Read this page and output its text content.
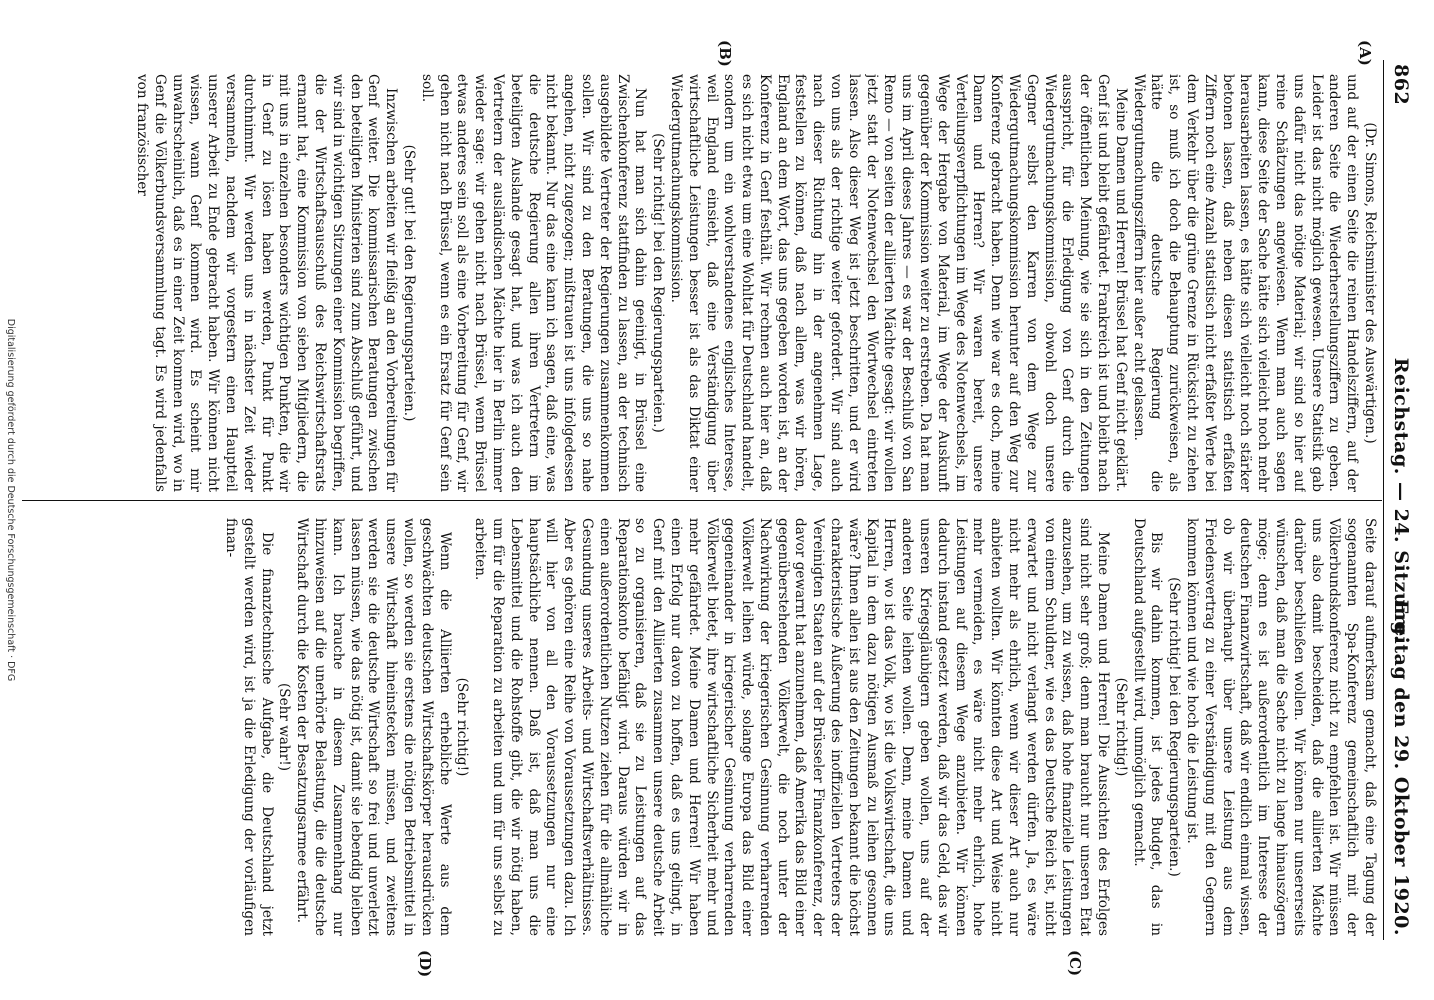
862
Reichstag. — 24. Sitzung.
Freitag den 29. Oktober 1920.
(A)
(B)
(C)
(D)

(Dr. Simons, Reichsminister des Auswärtigen.)

und auf der einen Seite die reinen Handelsziffern, auf der anderen Seite die Wiederherstellungsziffern zu geben. Leider ist das nicht möglich gewesen. Unsere Statistik gab uns dafür nicht das nötige Material; wir sind so hier auf reine Schätzungen angewiesen. Wenn man auch sagen kann, diese Seite der Sache hätte sich vielleicht noch mehr herausarbeiten lassen, es hätte sich vielleicht noch stärker betonen lassen, daß neben diesen statistisch erfaßten Ziffern noch eine Anzahl statistisch nicht erfaßter Werte bei dem Verkehr über die grüne Grenze in Rücksicht zu ziehen ist, so muß ich doch die Behauptung zurückweisen, als hätte die deutsche Regierung die Wiedergutmachungsziffern hier außer acht gelassen.

Meine Damen und Herren! Brüssel hat Genf nicht geklärt. Genf ist und bleibt gefährdet. Frankreich ist und bleibt nach der öffentlichen Meinung, wie sie sich in den Zeitungen ausspricht, für die Erledigung von Genf durch die Wiedergutmachungskommission, obwohl doch unsere Gegner selbst den Karren von dem Wege zur Wiedergutmachungskommission herunter auf den Weg zur Konferenz gebracht haben. Denn wie war es doch, meine Damen und Herren? Wir waren bereit, unsere Verteilungsverpflichtungen im Wege des Notenwechsels, im Wege der Hergabe von Material, im Wege der Auskunft gegenüber der Kommission weiter zu erstreben. Da hat man uns im April dieses Jahres — es war der Beschluß von San Remo — von seiten der alliierten Mächte gesagt: wir wollen jetzt statt der Notenwechsel den Wortwechsel eintreten lassen. Also dieser Weg ist jetzt beschritten, und er wird von uns als der richtige weiter gefordert. Wir sind auch nach dieser Richtung hin in der angenehmen Lage, feststellen zu können, daß nach allem, was wir hören, England an dem Wort, das uns gegeben worden ist, an der Konferenz in Genf festhält. Wir rechnen auch hier an, daß es sich nicht etwa um eine Wohltat für Deutschland handelt, sondern um ein wohlverstandenes englisches Interesse, weil England einsieht, daß eine Verständigung über wirtschaftliche Leistungen besser ist als das Diktat einer Wiedergutmachungskommission.

(Sehr richtig! bei den Regierungsparteien.)

Nun hat man sich dahin geeinigt, in Brüssel eine Zwischenkonferenz stattfinden zu lassen, an der technisch ausgebildete Vertreter der Regierungen zusammenkommen sollen. Wir sind zu den Beratungen, die uns so nahe angehen, nicht zugezogen; mißtrauen ist uns infolgedessen nicht bekannt. Nur das eine kann ich sagen, daß eine, was die deutsche Regierung allen ihren Vertretern im beteiligten Auslande gesagt hat, und was ich auch den Vertretern der ausländischen Mächte hier in Berlin immer wieder sage: wir gehen nicht nach Brüssel, wenn Brüssel etwas anderes sein soll als eine Vorbereitung für Genf, wir gehen nicht nach Brüssel, wenn es ein Ersatz für Genf sein soll.

(Sehr gut! bei den Regierungsparteien.)

Inzwischen arbeiten wir fleißig an den Vorbereitungen für Genf weiter. Die kommissarischen Beratungen zwischen den beteiligten Ministerien sind zum Abschluß geführt, und wir sind in wichtigen Sitzungen einer Kommission begriffen, die der Wirtschaftsausschuß des Reichswirtschaftsrats ernannt hat, eine Kommission von sieben Mitgliedern, die mit uns in einzelnen besonders wichtigen Punkten, die wir in Genf zu lösen haben werden, Punkt für Punkt durchnimmt. Wir werden uns in nächster Zeit wieder versammeln, nachdem wir vorgestern einen Hauptteil unserer Arbeit zu Ende gebracht haben. Wir können nicht wissen, wann Genf kommen wird. Es scheint mir unwahrscheinlich, daß es in einer Zeit kommen wird, wo in Genf die Völkerbundsversammlung tagt. Es wird jedenfalls von französischer

Seite darauf aufmerksam gemacht, daß eine Tagung der sogenannten Spa-Konferenz gemeinschaftlich mit der Völkerbundskonferenz nicht zu empfehlen ist. Wir müssen uns also damit bescheiden, daß die alliierten Mächte darüber beschließen wollen. Wir können nur unsererseits wünschen, daß man die Sache nicht zu lange hinauszögern möge; denn es ist außerordentlich im Interesse der deutschen Finanzwirtschaft, daß wir endlich einmal wissen, ob wir überhaupt über unsere Leistung aus dem Friedensvertrag zu einer Verständigung mit den Gegnern kommen können und wie hoch die Leistung ist.

(Sehr richtig! bei den Regierungsparteien.)

Bis wir dahin kommen, ist jedes Budget, das in Deutschland aufgestellt wird, unmöglich gemacht.

(Sehr richtig!)

Meine Damen und Herren! Die Aussichten des Erfolges sind nicht sehr groß; denn man braucht nur unseren Etat anzusehen, um zu wissen, daß hohe finanzielle Leistungen von einem Schuldner, wie es das Deutsche Reich ist, nicht erwartet und nicht verlangt werden dürfen. Ja, es wäre nicht mehr als ehrlich, wenn wir dieser Art auch nur anbieten wollten. Wir könnten diese Art und Weise nicht mehr vermeiden, es wäre nicht mehr ehrlich, hohe Leistungen auf diesem Wege anzubieten. Wir können dadurch instand gesetzt werden, daß wir das Geld, das wir unseren Kriegsgläubigern geben wollen, uns auf der anderen Seite leihen wollen. Denn, meine Damen und Herren, wo ist das Volk, wo ist die Volkswirtschaft, die uns Kapital in dem dazu nötigen Ausmaß zu leihen gesonnen wäre? Ihnen allen ist aus den Zeitungen bekannt die höchst charakteristische Äußerung des inoffiziellen Vertreters der Vereinigten Staaten auf der Brüsseler Finanzkonferenz, der davor gewarnt hat anzunehmen, daß Amerika das Bild einer gegenüberstehenden Völkerwelt, die noch unter der Nachwirkung der kriegerischen Gesinnung verharrenden Völkerwelt leihen würde, solange Europa das Bild einer gegeneinander in kriegerischer Gesinnung verharrenden Völkerwelt bietet, ihre wirtschaftliche Sicherheit mehr und mehr gefährdet. Meine Damen und Herren! Wir haben einen Erfolg nur davon zu hoffen, daß es uns gelingt, in Genf mit den Alliierten zusammen unsere deutsche Arbeit so zu organisieren, daß sie zu Leistungen auf das Reparationskonto befähigt wird. Daraus würden wir in einen außerordentlichen Nutzen ziehen für die allmähliche Gesundung unseres Arbeits- und Wirtschaftsverhältnisses. Aber es gehören eine Reihe von Voraussetzungen dazu. Ich will hier von all den Voraussetzungen nur eine hauptsächliche nennen. Daß ist, daß man uns die Lebensmittel und die Rohstoffe gibt, die wir nötig haben, um für die Reparation zu arbeiten und um für uns selbst zu arbeiten.

(Sehr richtig!)

Wenn die Alliierten erhebliche Werte aus dem geschwächten deutschen Wirtschaftskörper herausdrücken wollen, so werden sie erstens die nötigen Betriebsmittel in unsere Wirtschaft hineinstecken müssen, und zweitens werden sie die deutsche Wirtschaft so frei und unverletzt lassen müssen, wie das nötig ist, damit sie lebendig bleiben kann. Ich brauche in diesem Zusammenhang nur hinzuweisen auf die unerhörte Belastung, die die deutsche Wirtschaft durch die Kosten der Besatzungsarmee erfährt.

(Sehr wahr!)

Die finanztechnische Aufgabe, die Deutschland jetzt gestellt werden wird, ist ja die Erledigung der vorläufigen finan-

Digitalisierung gefördert durch die Deutsche Forschungsgemeinschaft · DFG
